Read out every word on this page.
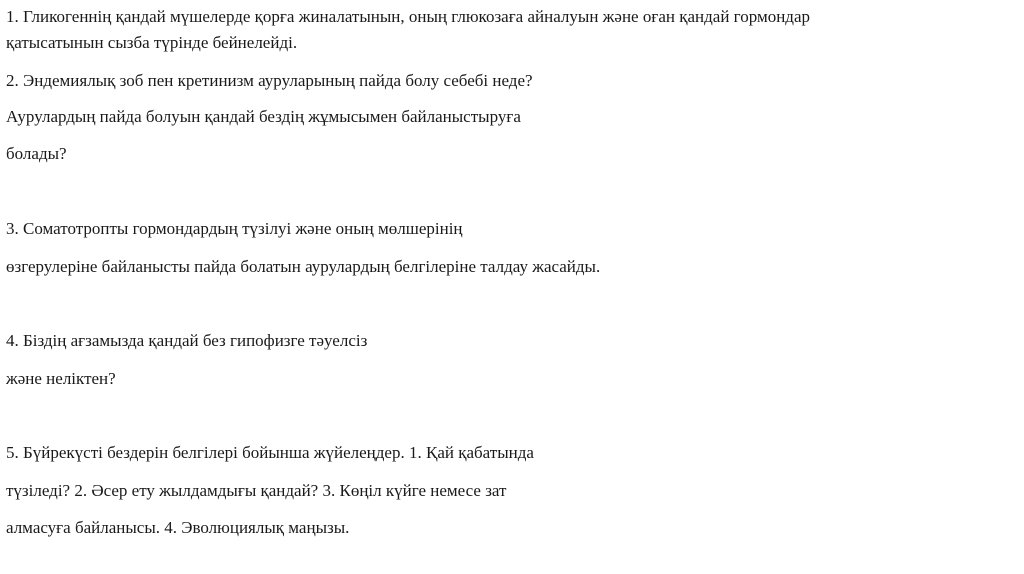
1. Гликогеннің қандай мүшелерде қорға жиналатынын, оның глюкозаға айналуын және оған қандай гормондар
қатысатынын сызба түрінде бейнелейді.
2. Эндемиялық зоб пен кретинизм ауруларының пайда болу себебі неде?
Аурулардың пайда болуын қандай бездің жұмысымен байланыстыруға
болады?
3. Соматотропты гормондардың түзілуі және оның мөлшерінің
өзгерулеріне байланысты пайда болатын аурулардың белгілеріне талдау жасайды.
4. Біздің ағзамызда қандай без гипофизге тәуелсіз
және неліктен?
5. Бүйрекүсті бездерін белгілері бойынша жүйелеңдер. 1. Қай қабатында
түзіледі? 2. Әсер ету жылдамдығы қандай? 3. Көңіл күйге немесе зат
алмасуға байланысы. 4. Эволюциялық маңызы.
